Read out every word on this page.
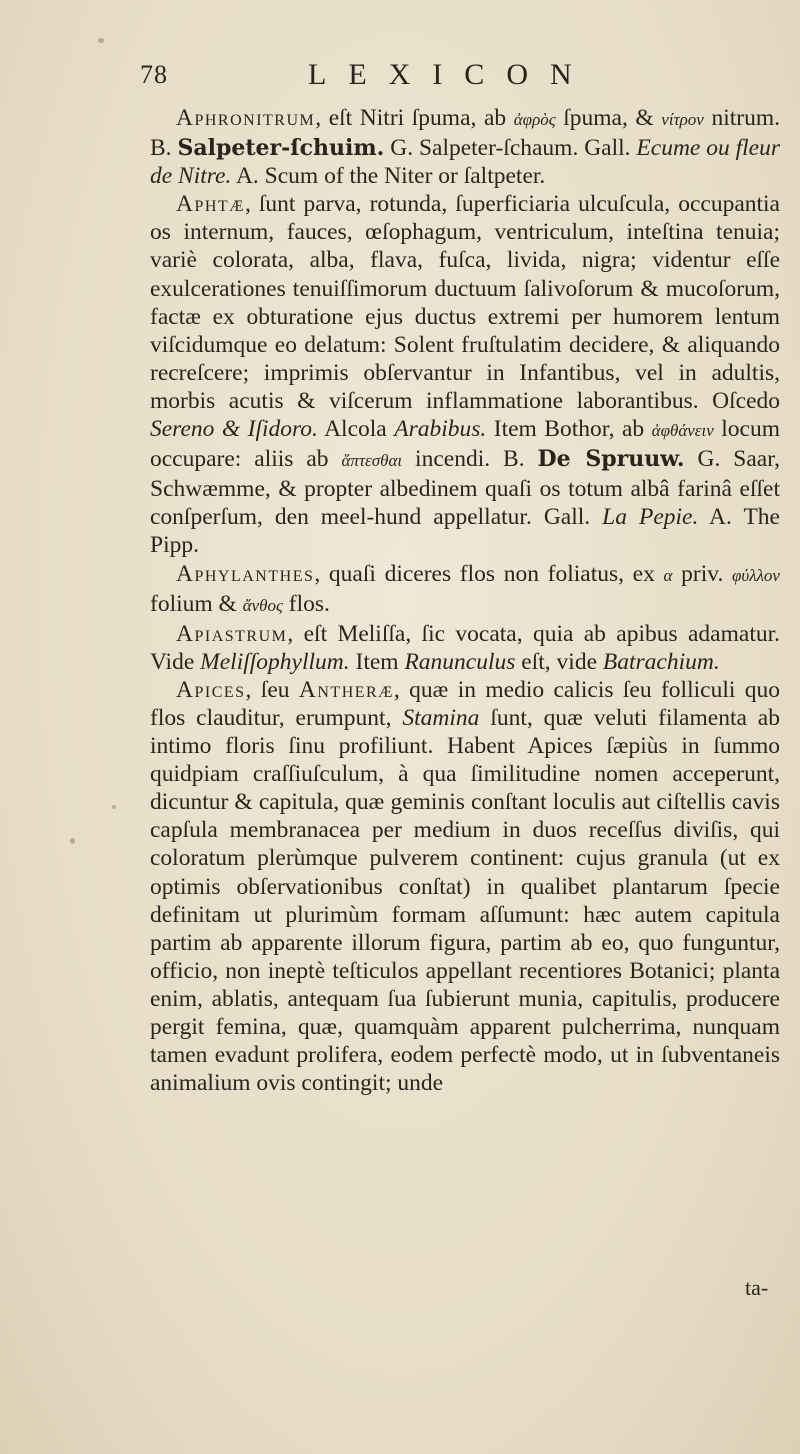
78	LEXICON

Aphronitrum, eſt Nitri ſpuma, ab ἀφρὸς ſpuma, & νίτρον nitrum. B. Salpeter-ſchuim. G. Salpeter-ſchaum. Gall. Ecume ou fleur de Nitre. A. Scum of the Niter or ſaltpeter.

Aphtæ, ſunt parva, rotunda, ſuperficiaria ulcuſcula, occupantia os internum, fauces, œſophagum, ventriculum, inteſtina tenuia; variè colorata, alba, flava, fuſca, livida, nigra; videntur eſſe exulcerationes tenuiſſimorum ductuum ſalivoſorum & mucoſorum, factæ ex obturatione ejus ductus extremi per humorem lentum viſcidumque eo delatum: Solent fruſtulatim decidere, & aliquando recreſcere; imprimis obſervantur in Infantibus, vel in adultis, morbis acutis & viſcerum inflammatione laborantibus. Oſcedo Sereno & Iſidoro. Alcola Arabibus. Item Bothor, ab ἀφθάνειν locum occupare: aliis ab ἅπτεσθαι incendi. B. De Spruuw. G. Saar, Schwæmme, & propter albedinem quaſi os totum albâ farinâ eſſet conſperſum, den meel-hund appellatur. Gall. La Pepie. A. The Pipp.

Aphylanthes, quaſi diceres flos non foliatus, ex α priv. φύλλον folium & ἄνθος flos.

Apiastrum, eſt Meliſſa, ſic vocata, quia ab apibus adamatur. Vide Meliſſophyllum. Item Ranunculus eſt, vide Batrachium.

Apices, ſeu Antheræ, quæ in medio calicis ſeu folliculi quo flos clauditur, erumpunt, Stamina ſunt, quæ veluti filamenta ab intimo floris ſinu profiliunt. Habent Apices ſæpiùs in ſummo quidpiam craſſiuſculum, à qua ſimilitudine nomen acceperunt, dicuntur & capitula, quæ geminis conſtant loculis aut ciſtellis cavis capſula membranacea per medium in duos receſſus diviſis, qui coloratum plerùmque pulverem continent: cujus granula (ut ex optimis obſervationibus conſtat) in qualibet plantarum ſpecie definitam ut plurimùm formam aſſumunt: hæc autem capitula partim ab apparente illorum figura, partim ab eo, quo funguntur, officio, non ineptè teſticulos appellant recentiores Botanici; planta enim, ablatis, antequam ſua ſubierunt munia, capitulis, producere pergit femina, quæ, quamquàm apparent pulcherrima, nunquam tamen evadunt prolifera, eodem perfectè modo, ut in ſubventaneis animalium ovis contingit; unde

ta-
